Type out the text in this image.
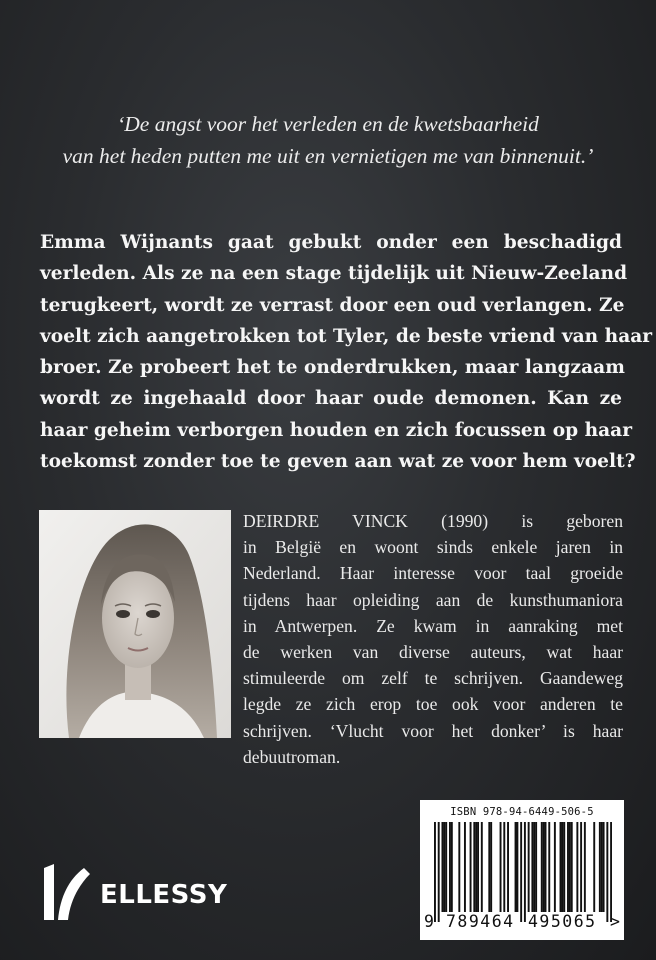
‘De angst voor het verleden en de kwetsbaarheid
van het heden putten me uit en vernietigen me van binnenuit.’
Emma Wijnants gaat gebukt onder een beschadigd
verleden. Als ze na een stage tijdelijk uit Nieuw-Zeeland
terugkeert, wordt ze verrast door een oud verlangen. Ze
voelt zich aangetrokken tot Tyler, de beste vriend van haar
broer. Ze probeert het te onderdrukken, maar langzaam
wordt ze ingehaald door haar oude demonen. Kan ze
haar geheim verborgen houden en zich focussen op haar
toekomst zonder toe te geven aan wat ze voor hem voelt?
DEIRDRE VINCK (1990) is geboren
in België en woont sinds enkele jaren in
Nederland. Haar interesse voor taal groeide
tijdens haar opleiding aan de kunsthumaniora
in Antwerpen. Ze kwam in aanraking met
de werken van diverse auteurs, wat haar
stimuleerde om zelf te schrijven. Gaandeweg
legde ze zich erop toe ook voor anderen te
schrijven. ‘Vlucht voor het donker’ is haar
debuutroman.
ISBN 978-94-6449-506-5
9 789464 495065 >
ELLESSY
